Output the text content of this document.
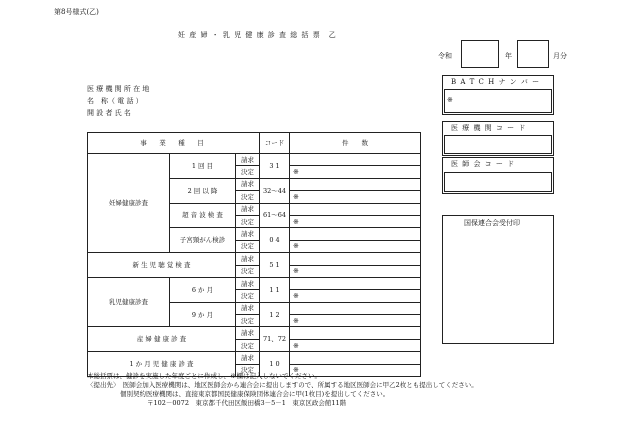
第8号様式(乙)
妊 産 婦 ・ 乳 児 健 康 診 査 総 括 票　乙
令和	年	月分
医 療 機 関 所 在 地
名　称（ 電 話 ）
開 設 者 氏 名
B A T C H ナ ン バ ー
※
医 療 機 関 コ ー ド
医 師 会 コ ー ド
国保連合会受付印
事　業　種　目			コード	件　　数
妊婦健康診査	1 回 目	請求	3 1	
		決定		※
	2 回 以 降	請求	32～44	
		決定		※
	超 音 波 検 査	請求	61～64	
		決定		※
	子宮頸がん検診	請求	0 4	
		決定		※
新 生 児 聴 覚 検 査		請求	5 1	
		決定		※
乳児健康診査	6 か 月	請求	1 1	
		決定		※
	9 か 月	請求	1 2	
		決定		※
産 婦 健 康 診 査		請求	71、72	
		決定		※
1 か 月 児 健 康 診 査		請求	1 0	
		決定		※
本総括票は、健診を実施した年度ごとに作成し、※欄は記入しないでください。
〈提出先〉　医師会加入医療機関は、地区医師会から連合会に提出しますので、所属する地区医師会に甲乙2枚とも提出してください。
個別契約医療機関は、直接東京都国民健康保険団体連合会に甲(1枚目)を提出してください。
〒102－0072　東京都千代田区飯田橋3－5－1　東京区政会館11階
